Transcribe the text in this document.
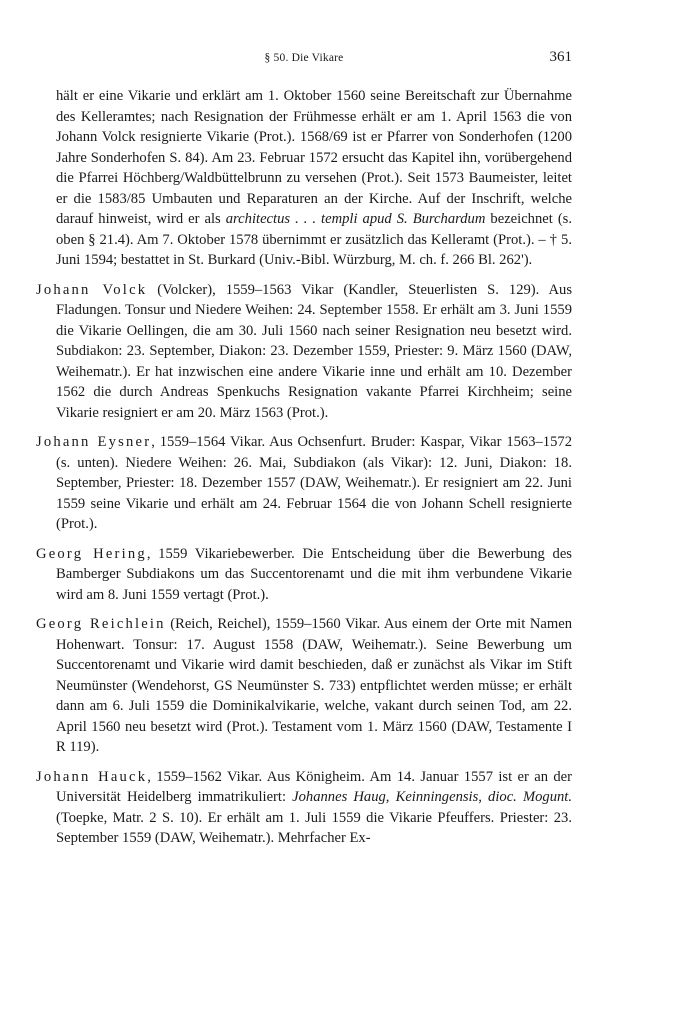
§ 50. Die Vikare	361

hält er eine Vikarie und erklärt am 1. Oktober 1560 seine Bereitschaft zur Übernahme des Kelleramtes; nach Resignation der Frühmesse erhält er am 1. April 1563 die von Johann Volck resignierte Vikarie (Prot.). 1568/69 ist er Pfarrer von Sonderhofen (1200 Jahre Sonderhofen S. 84). Am 23. Februar 1572 ersucht das Kapitel ihn, vorübergehend die Pfarrei Höchberg/Waldbüttelbrunn zu versehen (Prot.). Seit 1573 Baumeister, leitet er die 1583/85 Umbauten und Reparaturen an der Kirche. Auf der Inschrift, welche darauf hinweist, wird er als architectus . . . templi apud S. Burchardum bezeichnet (s. oben § 21.4). Am 7. Oktober 1578 übernimmt er zusätzlich das Kelleramt (Prot.). – † 5. Juni 1594; bestattet in St. Burkard (Univ.-Bibl. Würzburg, M. ch. f. 266 Bl. 262').

Johann Volck (Volcker), 1559–1563 Vikar (Kandler, Steuerlisten S. 129). Aus Fladungen. Tonsur und Niedere Weihen: 24. September 1558. Er erhält am 3. Juni 1559 die Vikarie Oellingen, die am 30. Juli 1560 nach seiner Resignation neu besetzt wird. Subdiakon: 23. September, Diakon: 23. Dezember 1559, Priester: 9. März 1560 (DAW, Weihematr.). Er hat inzwischen eine andere Vikarie inne und erhält am 10. Dezember 1562 die durch Andreas Spenkuchs Resignation vakante Pfarrei Kirchheim; seine Vikarie resigniert er am 20. März 1563 (Prot.).

Johann Eysner, 1559–1564 Vikar. Aus Ochsenfurt. Bruder: Kaspar, Vikar 1563–1572 (s. unten). Niedere Weihen: 26. Mai, Subdiakon (als Vikar): 12. Juni, Diakon: 18. September, Priester: 18. Dezember 1557 (DAW, Weihematr.). Er resigniert am 22. Juni 1559 seine Vikarie und erhält am 24. Februar 1564 die von Johann Schell resignierte (Prot.).

Georg Hering, 1559 Vikariebewerber. Die Entscheidung über die Bewerbung des Bamberger Subdiakons um das Succentorenamt und die mit ihm verbundene Vikarie wird am 8. Juni 1559 vertagt (Prot.).

Georg Reichlein (Reich, Reichel), 1559–1560 Vikar. Aus einem der Orte mit Namen Hohenwart. Tonsur: 17. August 1558 (DAW, Weihematr.). Seine Bewerbung um Succentorenamt und Vikarie wird damit beschieden, daß er zunächst als Vikar im Stift Neumünster (Wendehorst, GS Neumünster S. 733) entpflichtet werden müsse; er erhält dann am 6. Juli 1559 die Dominikalvikarie, welche, vakant durch seinen Tod, am 22. April 1560 neu besetzt wird (Prot.). Testament vom 1. März 1560 (DAW, Testamente I R 119).

Johann Hauck, 1559–1562 Vikar. Aus Königheim. Am 14. Januar 1557 ist er an der Universität Heidelberg immatrikuliert: Johannes Haug, Keinningensis, dioc. Mogunt. (Toepke, Matr. 2 S. 10). Er erhält am 1. Juli 1559 die Vikarie Pfeuffers. Priester: 23. September 1559 (DAW, Weihematr.). Mehrfacher Ex-
